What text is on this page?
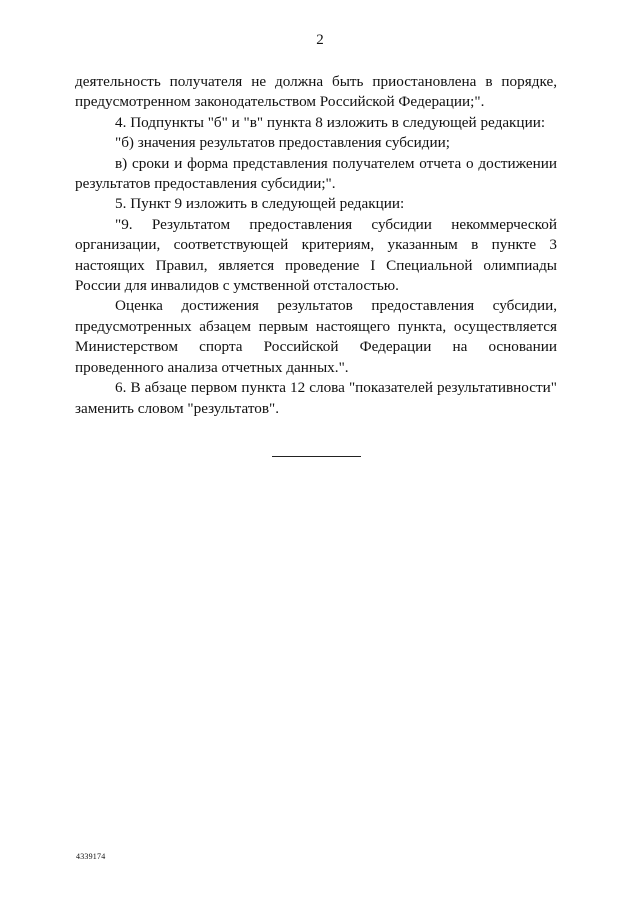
2

деятельность получателя не должна быть приостановлена в порядке, предусмотренном законодательством Российской Федерации;".

4. Подпункты "б" и "в" пункта 8 изложить в следующей редакции:

"б) значения результатов предоставления субсидии;

в) сроки и форма представления получателем отчета о достижении результатов предоставления субсидии;".

5. Пункт 9 изложить в следующей редакции:

"9. Результатом предоставления субсидии некоммерческой организации, соответствующей критериям, указанным в пункте 3 настоящих Правил, является проведение I Специальной олимпиады России для инвалидов с умственной отсталостью.

Оценка достижения результатов предоставления субсидии, предусмотренных абзацем первым настоящего пункта, осуществляется Министерством спорта Российской Федерации на основании проведенного анализа отчетных данных.".

6. В абзаце первом пункта 12 слова "показателей результативности" заменить словом "результатов".

4339174
